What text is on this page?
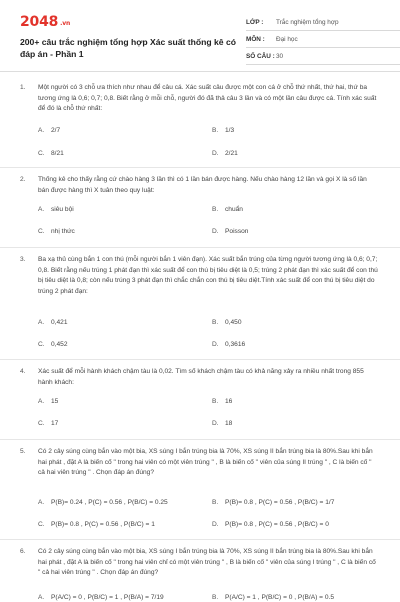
2048 .vn
200+ câu trắc nghiệm tổng hợp Xác suất thống kê có đáp án - Phần 1
LỚP :	Trắc nghiệm tổng hợp
MÔN :	Đại học
SỐ CÂU : 30
1. Một người có 3 chỗ ưa thích như nhau để câu cá. Xác suất câu được một con cá ở chỗ thứ nhất, thứ hai, thứ ba tương ứng là 0,6; 0,7; 0,8. Biết rằng ở mỗi chỗ, người đó đã thả câu 3 lần và có một lần câu được cá. Tính xác suất để đó là chỗ thứ nhất:
A. 2/7	B. 1/3
C. 8/21	D. 2/21
2. Thống kê cho thấy rằng cứ chào hàng 3 lần thì có 1 lần bán được hàng. Nếu chào hàng 12 lần và gọi X là số lần bán được hàng thì X tuân theo quy luật:
A. siêu bội	B. chuẩn
C. nhị thức	D. Poisson
3. Ba xạ thủ cùng bắn 1 con thú (mỗi người bắn 1 viên đạn). Xác suất bắn trúng của từng người tương ứng là 0,6; 0,7; 0,8. Biết rằng nếu trúng 1 phát đạn thì xác suất để con thú bị tiêu diệt là 0,5; trúng 2 phát đạn thì xác suất để con thú bị tiêu diệt là 0,8; còn nếu trúng 3 phát đạn thì chắc chắn con thú bị tiêu diệt.Tính xác suất để con thú bị tiêu diệt do trúng 2 phát đạn:
A. 0,421	B. 0,450
C. 0,452	D. 0,3616
4. Xác suất để mỗi hành khách chậm tàu là 0,02. Tìm số khách chậm tàu có khả năng xảy ra nhiều nhất trong 855 hành khách:
A. 15	B. 16
C. 17	D. 18
5. Có 2 cây súng cùng bắn vào một bia, XS súng I bắn trúng bia là 70%, XS súng II bắn trúng bia là 80%.Sau khi bắn hai phát , đặt A là biến cố " trong hai viên có một viên trúng " , B là biến cố " viên của súng II trúng " , C là biến cố " cả hai viên trúng " . Chọn đáp án đúng?
A. P(B)= 0.24 , P(C) = 0.56 , P(B/C) = 0.25	B. P(B)= 0.8 , P(C) = 0.56 , P(B/C) = 1/7
C. P(B)= 0.8 , P(C) = 0.56 , P(B/C) = 1	D. P(B)= 0.8 , P(C) = 0.56 , P(B/C) = 0
6. Có 2 cây súng cùng bắn vào một bia, XS súng I bắn trúng bia là 70%, XS súng II bắn trúng bia là 80%.Sau khi bắn hai phát , đặt A là biến cố " trong hai viên chỉ có một viên trúng " , B là biến cố " viên của súng I trúng " , C là biến cố " cả hai viên trúng " . Chọn đáp án đúng?
A. P(A/C) = 0 , P(B/C) = 1 , P(B/A) = 7/19	B. P(A/C) = 1 , P(B/C) = 0 , P(B/A) = 0.5
